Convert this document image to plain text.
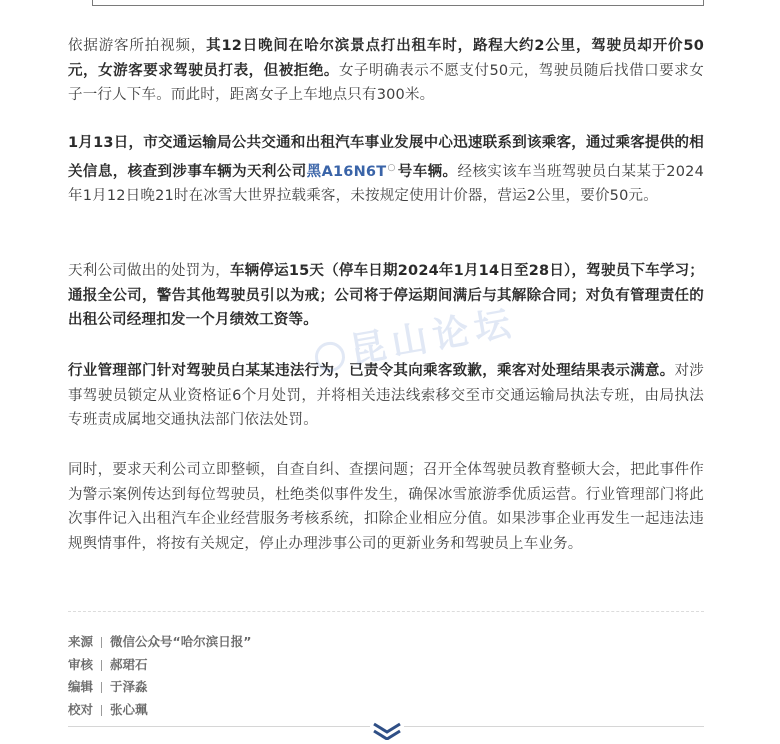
依据游客所拍视频，其12日晚间在哈尔滨景点打出租车时，路程大约2公里，驾驶员却开价50元，女游客要求驾驶员打表，但被拒绝。女子明确表示不愿支付50元，驾驶员随后找借口要求女子一行人下车。而此时，距离女子上车地点只有300米。

1月13日，市交通运输局公共交通和出租汽车事业发展中心迅速联系到该乘客，通过乘客提供的相关信息，核查到涉事车辆为天利公司黑A16N6T○ 号车辆。经核实该车当班驾驶员白某某于2024年1月12日晚21时在冰雪大世界拉载乘客，未按规定使用计价器，营运2公里，要价50元。

天利公司做出的处罚为，车辆停运15天（停车日期2024年1月14日至28日），驾驶员下车学习；通报全公司，警告其他驾驶员引以为戒；公司将于停运期间满后与其解除合同；对负有管理责任的出租公司经理扣发一个月绩效工资等。

行业管理部门针对驾驶员白某某违法行为，已责令其向乘客致歉，乘客对处理结果表示满意。对涉事驾驶员锁定从业资格证6个月处罚，并将相关违法线索移交至市交通运输局执法专班，由局执法专班责成属地交通执法部门依法处罚。

同时，要求天利公司立即整顿，自查自纠、查摆问题；召开全体驾驶员教育整顿大会，把此事件作为警示案例传达到每位驾驶员，杜绝类似事件发生，确保冰雪旅游季优质运营。行业管理部门将此次事件记入出租汽车企业经营服务考核系统，扣除企业相应分值。如果涉事企业再发生一起违法违规舆情事件，将按有关规定，停止办理涉事公司的更新业务和驾驶员上车业务。

昆山论坛
来源 微信公众号“哈尔滨日报”
审核 郝珺石
编辑 于泽淼
校对 张心珮
